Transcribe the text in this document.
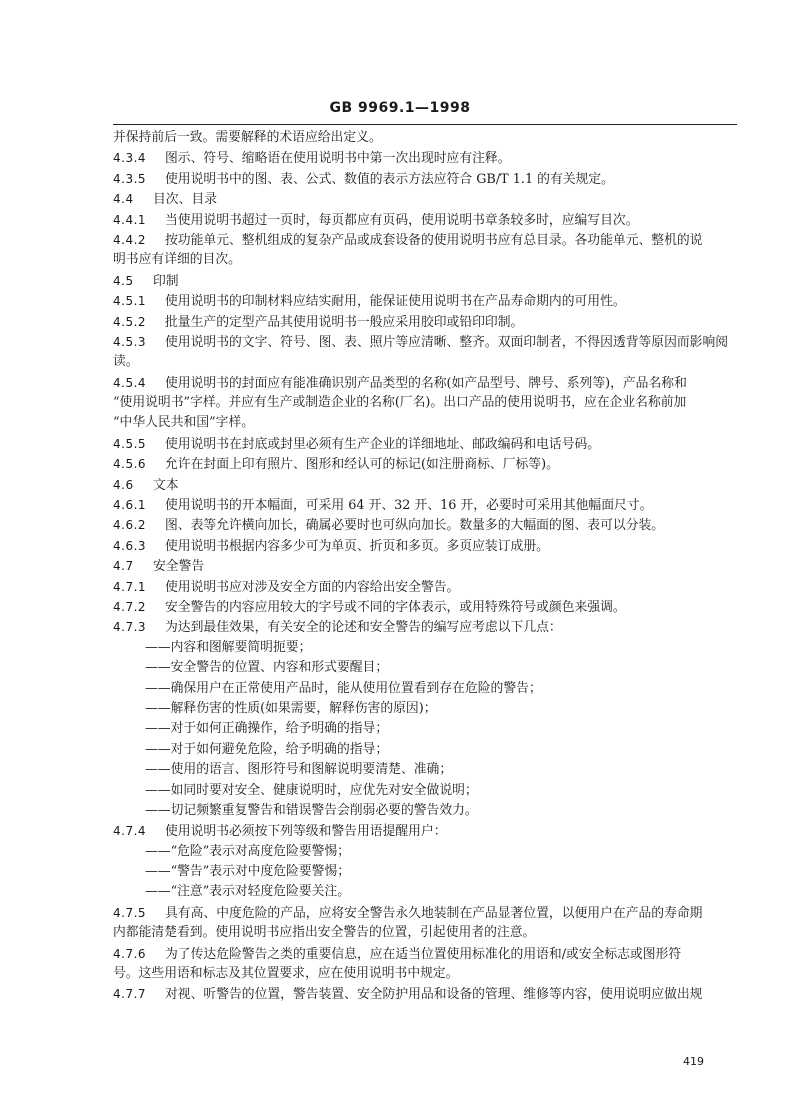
GB 9969.1—1998
并保持前后一致。需要解释的术语应给出定义。
4.3.4 图示、符号、缩略语在使用说明书中第一次出现时应有注释。
4.3.5 使用说明书中的图、表、公式、数值的表示方法应符合 GB/T 1.1 的有关规定。
4.4 目次、目录
4.4.1 当使用说明书超过一页时，每页都应有页码，使用说明书章条较多时，应编写目次。
4.4.2 按功能单元、整机组成的复杂产品或成套设备的使用说明书应有总目录。各功能单元、整机的说
明书应有详细的目次。
4.5 印制
4.5.1 使用说明书的印制材料应结实耐用，能保证使用说明书在产品寿命期内的可用性。
4.5.2 批量生产的定型产品其使用说明书一般应采用胶印或铅印印制。
4.5.3 使用说明书的文字、符号、图、表、照片等应清晰、整齐。双面印制者，不得因透背等原因而影响阅
读。
4.5.4 使用说明书的封面应有能准确识别产品类型的名称(如产品型号、牌号、系列等)，产品名称和
“使用说明书”字样。并应有生产或制造企业的名称(厂名)。出口产品的使用说明书，应在企业名称前加
“中华人民共和国”字样。
4.5.5 使用说明书在封底或封里必须有生产企业的详细地址、邮政编码和电话号码。
4.5.6 允许在封面上印有照片、图形和经认可的标记(如注册商标、厂标等)。
4.6 文本
4.6.1 使用说明书的开本幅面，可采用 64 开、32 开、16 开，必要时可采用其他幅面尺寸。
4.6.2 图、表等允许横向加长，确属必要时也可纵向加长。数量多的大幅面的图、表可以分装。
4.6.3 使用说明书根据内容多少可为单页、折页和多页。多页应装订成册。
4.7 安全警告
4.7.1 使用说明书应对涉及安全方面的内容给出安全警告。
4.7.2 安全警告的内容应用较大的字号或不同的字体表示，或用特殊符号或颜色来强调。
4.7.3 为达到最佳效果，有关安全的论述和安全警告的编写应考虑以下几点：
——内容和图解要简明扼要；
——安全警告的位置、内容和形式要醒目；
——确保用户在正常使用产品时，能从使用位置看到存在危险的警告；
——解释伤害的性质(如果需要，解释伤害的原因)；
——对于如何正确操作，给予明确的指导；
——对于如何避免危险，给予明确的指导；
——使用的语言、图形符号和图解说明要清楚、准确；
——如同时要对安全、健康说明时，应优先对安全做说明；
——切记频繁重复警告和错误警告会削弱必要的警告效力。
4.7.4 使用说明书必须按下列等级和警告用语提醒用户：
——“危险”表示对高度危险要警惕；
——“警告”表示对中度危险要警惕；
——“注意”表示对轻度危险要关注。
4.7.5 具有高、中度危险的产品，应将安全警告永久地装制在产品显著位置，以便用户在产品的寿命期
内都能清楚看到。使用说明书应指出安全警告的位置，引起使用者的注意。
4.7.6 为了传达危险警告之类的重要信息，应在适当位置使用标准化的用语和/或安全标志或图形符
号。这些用语和标志及其位置要求，应在使用说明书中规定。
4.7.7 对视、听警告的位置，警告装置、安全防护用品和设备的管理、维修等内容，使用说明应做出规
419
